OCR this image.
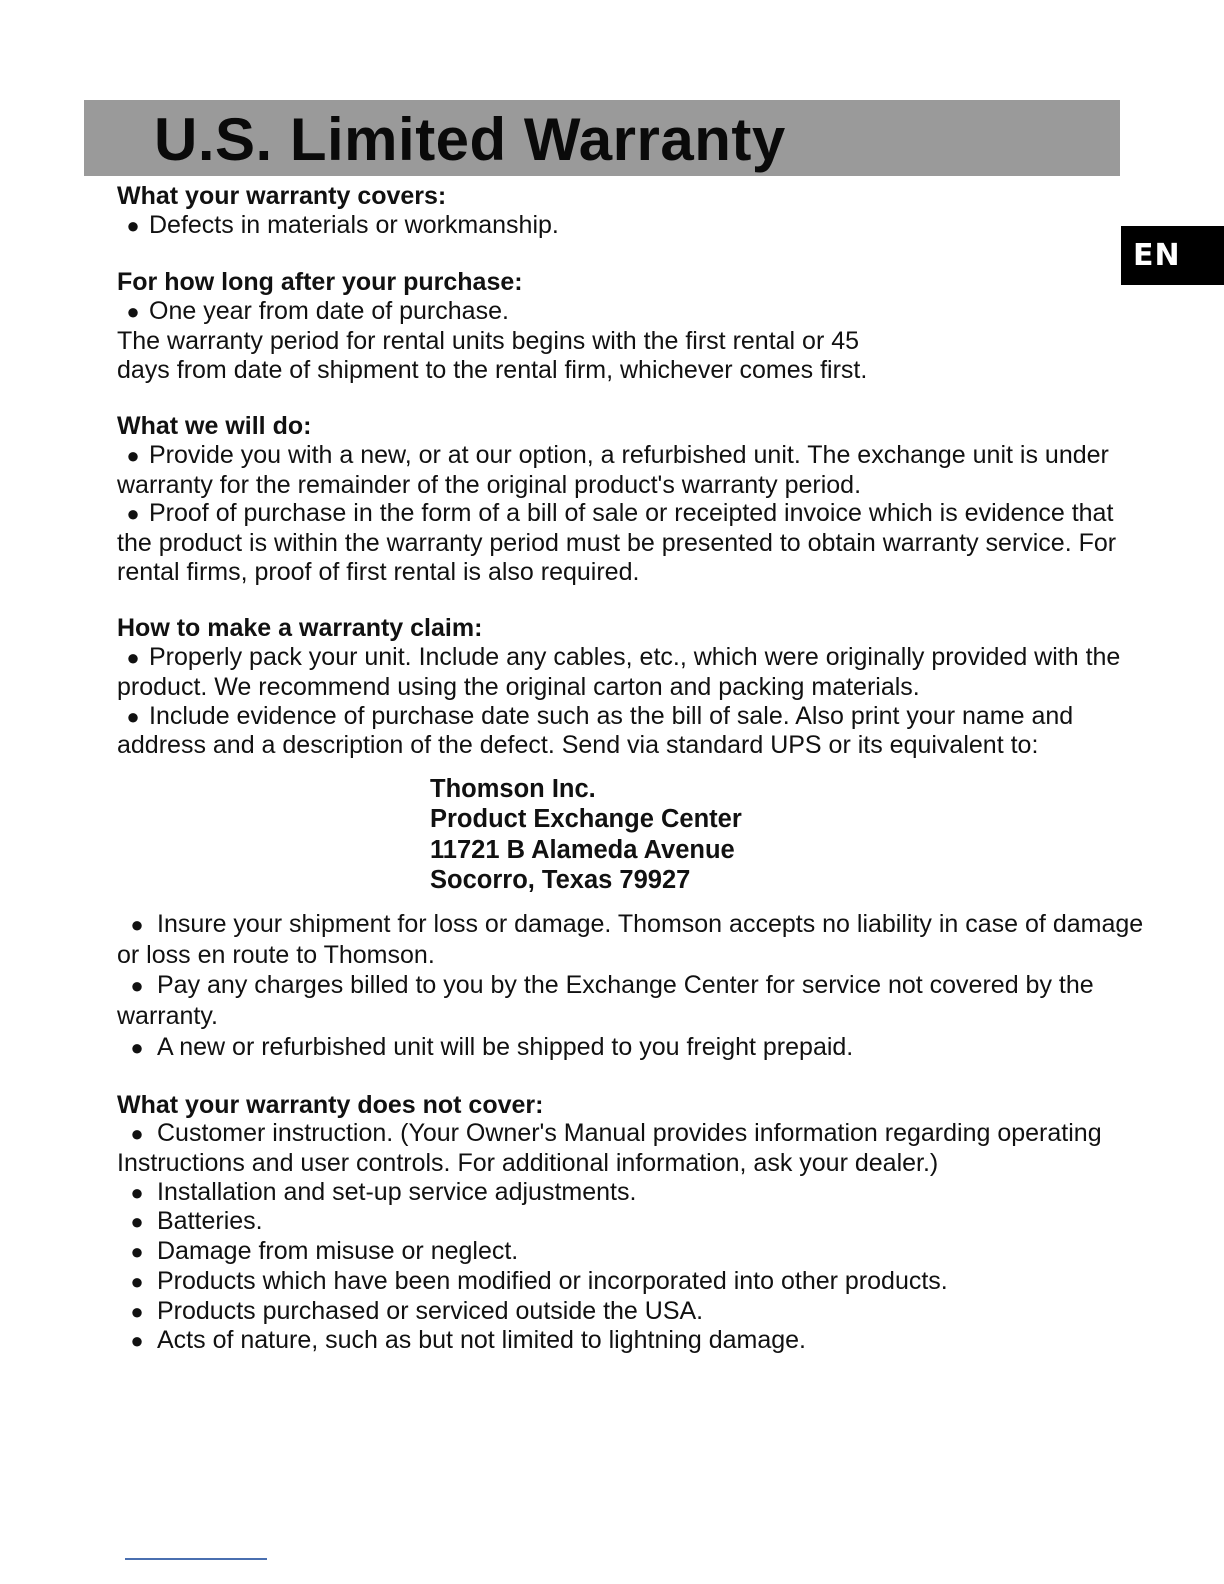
U.S. Limited Warranty
EN

What your warranty covers:

● Defects in materials or workmanship.

For how long after your purchase:

● One year from date of purchase.

The warranty period for rental units begins with the first rental or 45

days from date of shipment to the rental firm, whichever comes first.

What we will do:

● Provide you with a new, or at our option, a refurbished unit. The exchange unit is under warranty for the remainder of the original product's warranty period.

● Proof of purchase in the form of a bill of sale or receipted invoice which is evidence that the product is within the warranty period must be presented to obtain warranty service. For rental firms, proof of first rental is also required.

How to make a warranty claim:

● Properly pack your unit. Include any cables, etc., which were originally provided with the product. We recommend using the original carton and packing materials.

● Include evidence of purchase date such as the bill of sale. Also print your name and address and a description of the defect. Send via standard UPS or its equivalent to:

Thomson Inc.

Product Exchange Center

11721 B Alameda Avenue

Socorro, Texas 79927

● Insure your shipment for loss or damage. Thomson accepts no liability in case of damage or loss en route to Thomson.

● Pay any charges billed to you by the Exchange Center for service not covered by the warranty.

● A new or refurbished unit will be shipped to you freight prepaid.

What your warranty does not cover:

● Customer instruction. (Your Owner's Manual provides information regarding operating Instructions and user controls. For additional information, ask your dealer.)

● Installation and set-up service adjustments.

● Batteries.

● Damage from misuse or neglect.

● Products which have been modified or incorporated into other products.

● Products purchased or serviced outside the USA.

● Acts of nature, such as but not limited to lightning damage.
